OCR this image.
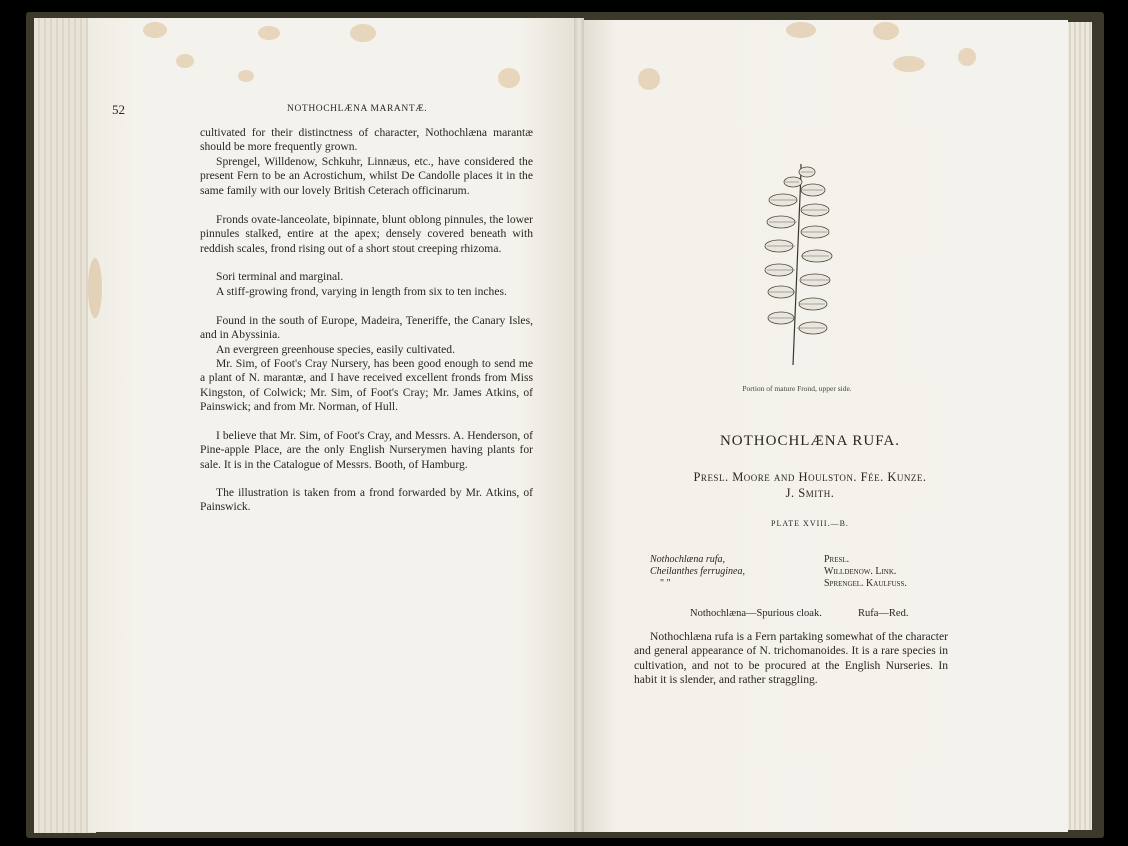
52	NOTHOCHLÆNA MARANTÆ.

cultivated for their distinctness of character, Nothochlæna marantæ should be more frequently grown.

Sprengel, Willdenow, Schkuhr, Linnæus, etc., have considered the present Fern to be an Acrostichum, whilst De Candolle places it in the same family with our lovely British Ceterach officinarum.

Fronds ovate-lanceolate, bipinnate, blunt oblong pinnules, the lower pinnules stalked, entire at the apex; densely covered beneath with reddish scales, frond rising out of a short stout creeping rhizoma.

Sori terminal and marginal.

A stiff-growing frond, varying in length from six to ten inches.

Found in the south of Europe, Madeira, Teneriffe, the Canary Isles, and in Abyssinia.

An evergreen greenhouse species, easily cultivated.

Mr. Sim, of Foot's Cray Nursery, has been good enough to send me a plant of N. marantæ, and I have received excellent fronds from Miss Kingston, of Colwick; Mr. Sim, of Foot's Cray; Mr. James Atkins, of Painswick; and from Mr. Norman, of Hull.

I believe that Mr. Sim, of Foot's Cray, and Messrs. A. Henderson, of Pine-apple Place, are the only English Nurserymen having plants for sale. It is in the Catalogue of Messrs. Booth, of Hamburg.

The illustration is taken from a frond forwarded by Mr. Atkins, of Painswick.

Portion of mature Frond, upper side.
NOTHOCHLÆNA RUFA.
Presl. Moore and Houlston. Fée. Kunze.
J. Smith.
PLATE XVIII.—B.
Nothochlæna rufa,
Cheilanthes ferruginea,
" "
Presl.
Willdenow. Link.
Sprengel. Kaulfuss.
Nothochlæna—Spurious cloak.	Rufa—Red.

Nothochlæna rufa is a Fern partaking somewhat of the character and general appearance of N. trichomanoides. It is a rare species in cultivation, and not to be procured at the English Nurseries. In habit it is slender, and rather straggling.
